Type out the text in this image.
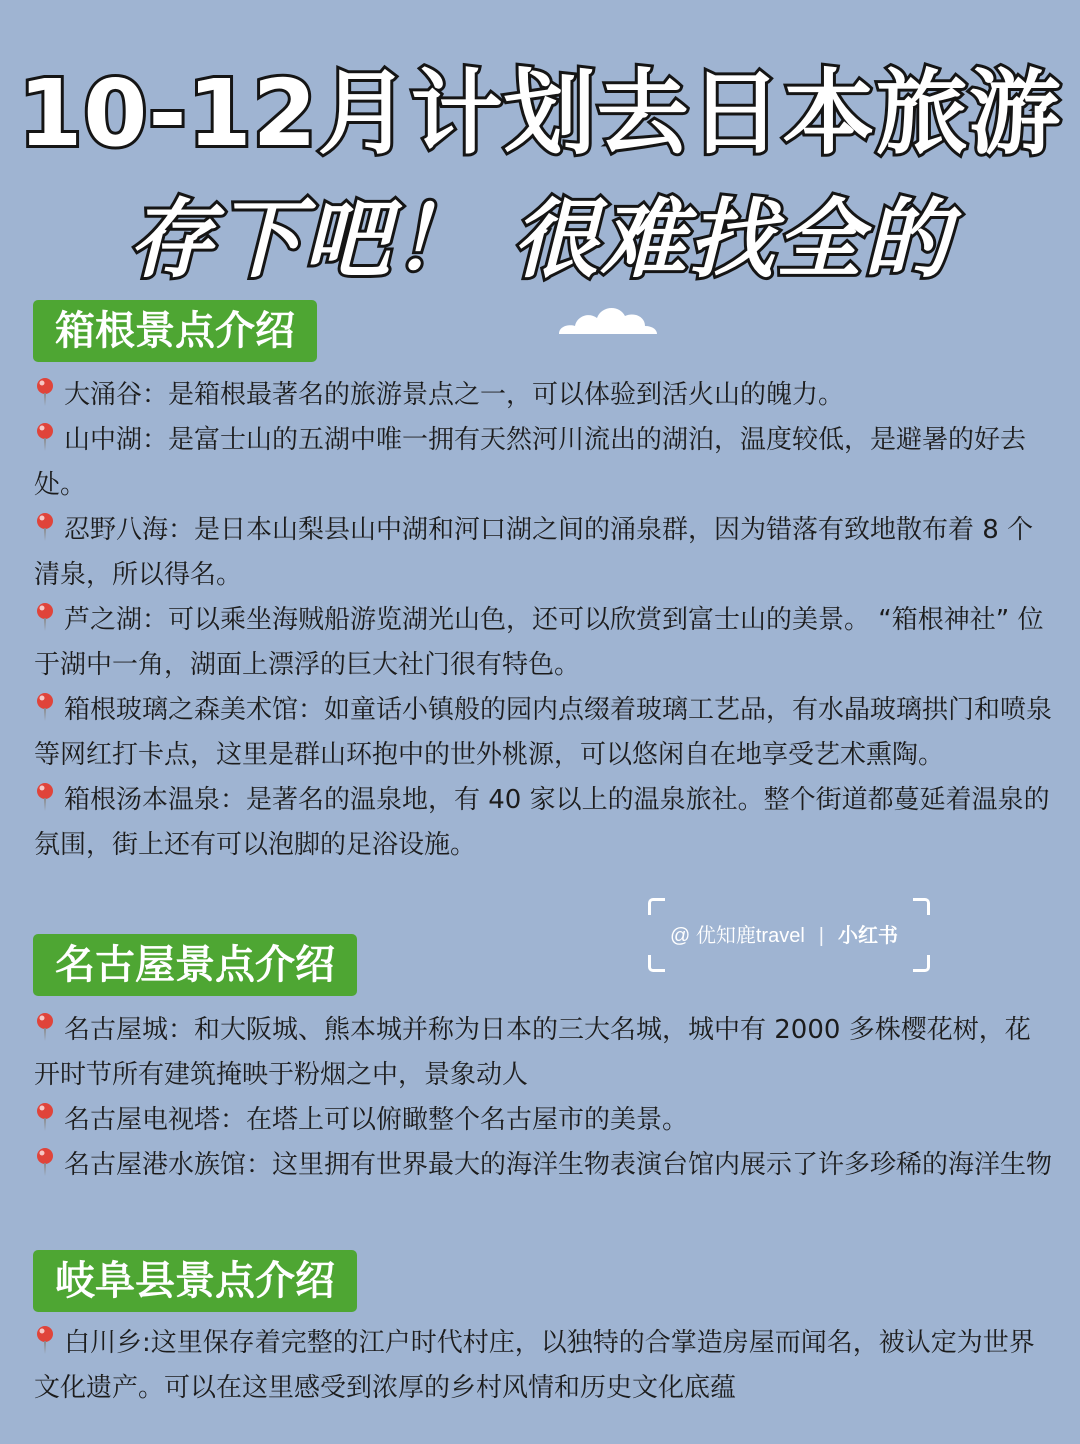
10-12月计划去日本旅游
存下吧！ 很难找全的
箱根景点介绍

大涌谷：是箱根最著名的旅游景点之一，可以体验到活火山的魄力。

山中湖：是富士山的五湖中唯一拥有天然河川流出的湖泊，温度较低，是避暑的好去处。

忍野八海：是日本山梨县山中湖和河口湖之间的涌泉群，因为错落有致地散布着 8 个清泉，所以得名。

芦之湖：可以乘坐海贼船游览湖光山色，还可以欣赏到富士山的美景。 “箱根神社” 位于湖中一角，湖面上漂浮的巨大社门很有特色。

箱根玻璃之森美术馆：如童话小镇般的园内点缀着玻璃工艺品，有水晶玻璃拱门和喷泉等网红打卡点，这里是群山环抱中的世外桃源，可以悠闲自在地享受艺术熏陶。

箱根汤本温泉：是著名的温泉地，有 40 家以上的温泉旅社。整个街道都蔓延着温泉的氛围，街上还有可以泡脚的足浴设施。

@ 优知鹿travel | 小红书
名古屋景点介绍

名古屋城：和大阪城、熊本城并称为日本的三大名城，城中有 2000 多株樱花树，花开时节所有建筑掩映于粉烟之中，景象动人

名古屋电视塔：在塔上可以俯瞰整个名古屋市的美景。

名古屋港水族馆：这里拥有世界最大的海洋生物表演台馆内展示了许多珍稀的海洋生物

岐阜县景点介绍

白川乡:这里保存着完整的江户时代村庄，以独特的合掌造房屋而闻名，被认定为世界文化遗产。可以在这里感受到浓厚的乡村风情和历史文化底蕴
